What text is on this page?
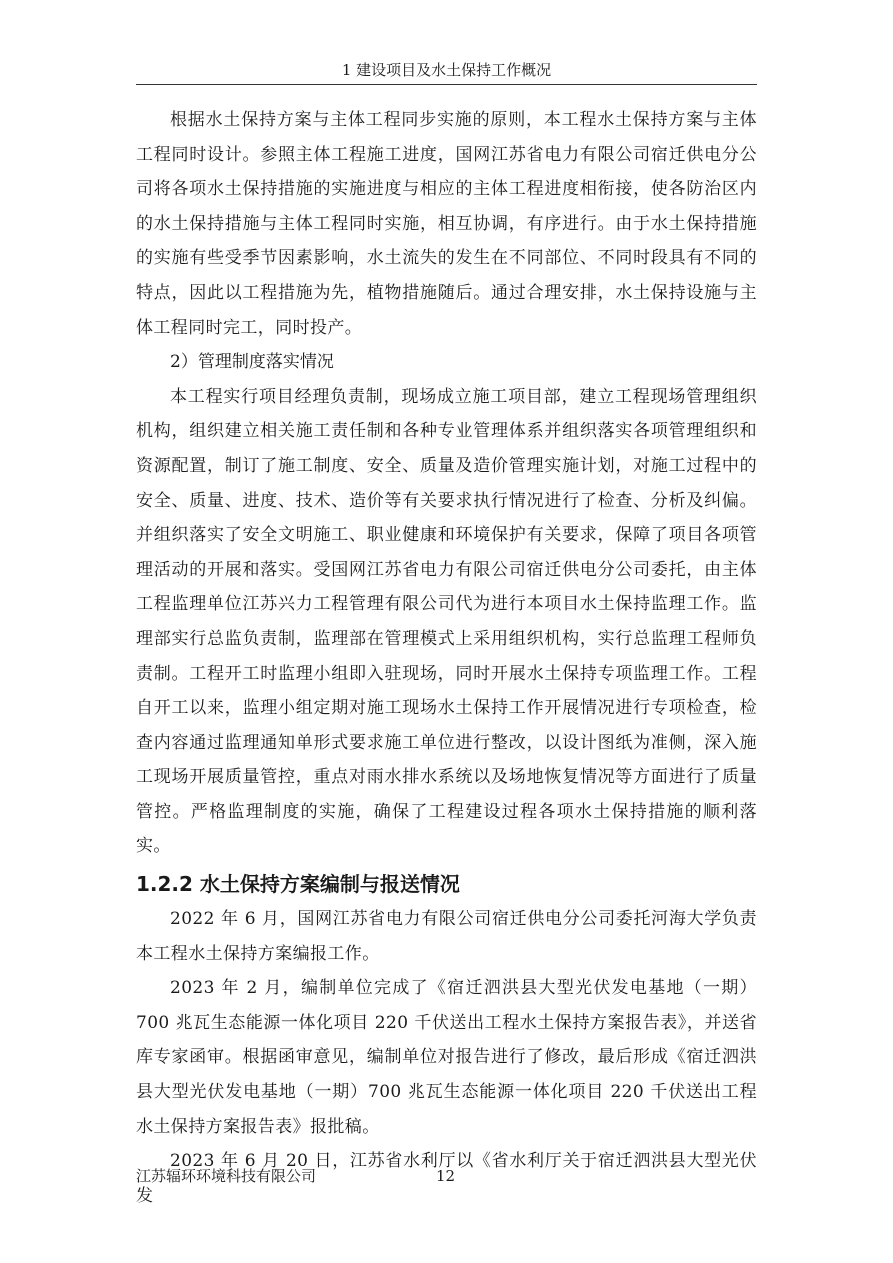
1 建设项目及水土保持工作概况

根据水土保持方案与主体工程同步实施的原则，本工程水土保持方案与主体工程同时设计。参照主体工程施工进度，国网江苏省电力有限公司宿迁供电分公司将各项水土保持措施的实施进度与相应的主体工程进度相衔接，使各防治区内的水土保持措施与主体工程同时实施，相互协调，有序进行。由于水土保持措施的实施有些受季节因素影响，水土流失的发生在不同部位、不同时段具有不同的特点，因此以工程措施为先，植物措施随后。通过合理安排，水土保持设施与主体工程同时完工，同时投产。

2）管理制度落实情况

本工程实行项目经理负责制，现场成立施工项目部，建立工程现场管理组织机构，组织建立相关施工责任制和各种专业管理体系并组织落实各项管理组织和资源配置，制订了施工制度、安全、质量及造价管理实施计划，对施工过程中的安全、质量、进度、技术、造价等有关要求执行情况进行了检查、分析及纠偏。并组织落实了安全文明施工、职业健康和环境保护有关要求，保障了项目各项管理活动的开展和落实。受国网江苏省电力有限公司宿迁供电分公司委托，由主体工程监理单位江苏兴力工程管理有限公司代为进行本项目水土保持监理工作。监理部实行总监负责制，监理部在管理模式上采用组织机构，实行总监理工程师负责制。工程开工时监理小组即入驻现场，同时开展水土保持专项监理工作。工程自开工以来，监理小组定期对施工现场水土保持工作开展情况进行专项检查，检查内容通过监理通知单形式要求施工单位进行整改，以设计图纸为准侧，深入施工现场开展质量管控，重点对雨水排水系统以及场地恢复情况等方面进行了质量管控。严格监理制度的实施，确保了工程建设过程各项水土保持措施的顺利落实。

1.2.2 水土保持方案编制与报送情况

2022 年 6 月，国网江苏省电力有限公司宿迁供电分公司委托河海大学负责本工程水土保持方案编报工作。

2023 年 2 月，编制单位完成了《宿迁泗洪县大型光伏发电基地（一期）700 兆瓦生态能源一体化项目 220 千伏送出工程水土保持方案报告表》，并送省库专家函审。根据函审意见，编制单位对报告进行了修改，最后形成《宿迁泗洪县大型光伏发电基地（一期）700 兆瓦生态能源一体化项目 220 千伏送出工程水土保持方案报告表》报批稿。

2023 年 6 月 20 日，江苏省水利厅以《省水利厅关于宿迁泗洪县大型光伏发

江苏辐环环境科技有限公司	12
